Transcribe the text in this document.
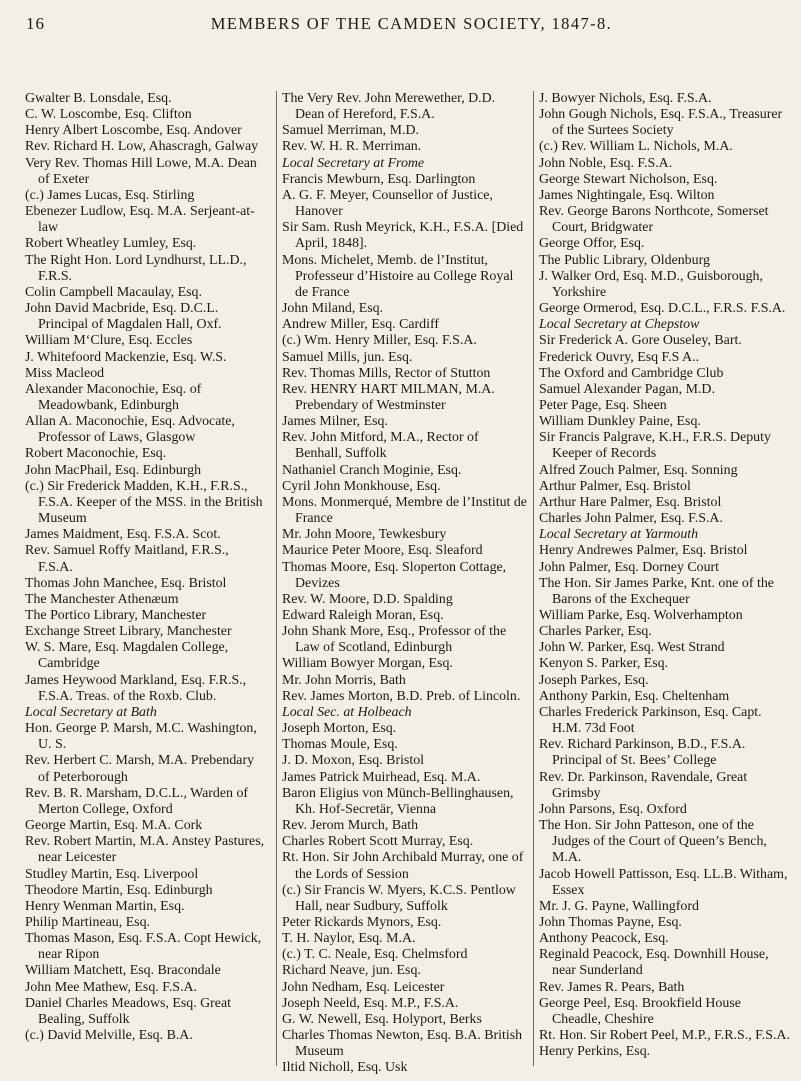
16	MEMBERS OF THE CAMDEN SOCIETY, 1847-8.

Gwalter B. Lonsdale, Esq.

C. W. Loscombe, Esq. Clifton

Henry Albert Loscombe, Esq. Andover

Rev. Richard H. Low, Ahascragh, Galway

Very Rev. Thomas Hill Lowe, M.A. Dean of Exeter

(c.) James Lucas, Esq. Stirling

Ebenezer Ludlow, Esq. M.A. Serjeant-at-law

Robert Wheatley Lumley, Esq.

The Right Hon. Lord Lyndhurst, LL.D., F.R.S.

Colin Campbell Macaulay, Esq.

John David Macbride, Esq. D.C.L. Principal of Magdalen Hall, Oxf.

William M‘Clure, Esq. Eccles

J. Whitefoord Mackenzie, Esq. W.S.

Miss Macleod

Alexander Maconochie, Esq. of Meadowbank, Edinburgh

Allan A. Maconochie, Esq. Advocate, Professor of Laws, Glasgow

Robert Maconochie, Esq.

John MacPhail, Esq. Edinburgh

(c.) Sir Frederick Madden, K.H., F.R.S., F.S.A. Keeper of the MSS. in the British Museum

James Maidment, Esq. F.S.A. Scot.

Rev. Samuel Roffy Maitland, F.R.S., F.S.A.

Thomas John Manchee, Esq. Bristol

The Manchester Athenæum

The Portico Library, Manchester

Exchange Street Library, Manchester

W. S. Mare, Esq. Magdalen College, Cambridge

James Heywood Markland, Esq. F.R.S., F.S.A. Treas. of the Roxb. Club.

Local Secretary at Bath

Hon. George P. Marsh, M.C. Washington, U. S.

Rev. Herbert C. Marsh, M.A. Prebendary of Peterborough

Rev. B. R. Marsham, D.C.L., Warden of Merton College, Oxford

George Martin, Esq. M.A. Cork

Rev. Robert Martin, M.A. Anstey Pastures, near Leicester

Studley Martin, Esq. Liverpool

Theodore Martin, Esq. Edinburgh

Henry Wenman Martin, Esq.

Philip Martineau, Esq.

Thomas Mason, Esq. F.S.A. Copt Hewick, near Ripon

William Matchett, Esq. Bracondale

John Mee Mathew, Esq. F.S.A.

Daniel Charles Meadows, Esq. Great Bealing, Suffolk

(c.) David Melville, Esq. B.A.

The Very Rev. John Merewether, D.D. Dean of Hereford, F.S.A.

Samuel Merriman, M.D.

Rev. W. H. R. Merriman.

Local Secretary at Frome

Francis Mewburn, Esq. Darlington

A. G. F. Meyer, Counsellor of Justice, Hanover

Sir Sam. Rush Meyrick, K.H., F.S.A. [Died April, 1848].

Mons. Michelet, Memb. de l’Institut, Professeur d’Histoire au College Royal de France

John Miland, Esq.

Andrew Miller, Esq. Cardiff

(c.) Wm. Henry Miller, Esq. F.S.A.

Samuel Mills, jun. Esq.

Rev. Thomas Mills, Rector of Stutton

Rev. HENRY HART MILMAN, M.A. Prebendary of Westminster

James Milner, Esq.

Rev. John Mitford, M.A., Rector of Benhall, Suffolk

Nathaniel Cranch Moginie, Esq.

Cyril John Monkhouse, Esq.

Mons. Monmerqué, Membre de l’Institut de France

Mr. John Moore, Tewkesbury

Maurice Peter Moore, Esq. Sleaford

Thomas Moore, Esq. Sloperton Cottage, Devizes

Rev. W. Moore, D.D. Spalding

Edward Raleigh Moran, Esq.

John Shank More, Esq., Professor of the Law of Scotland, Edinburgh

William Bowyer Morgan, Esq.

Mr. John Morris, Bath

Rev. James Morton, B.D. Preb. of Lincoln.

Local Sec. at Holbeach

Joseph Morton, Esq.

Thomas Moule, Esq.

J. D. Moxon, Esq. Bristol

James Patrick Muirhead, Esq. M.A.

Baron Eligius von Münch-Bellinghausen, Kh. Hof-Secretär, Vienna

Rev. Jerom Murch, Bath

Charles Robert Scott Murray, Esq.

Rt. Hon. Sir John Archibald Murray, one of the Lords of Session

(c.) Sir Francis W. Myers, K.C.S. Pentlow Hall, near Sudbury, Suffolk

Peter Rickards Mynors, Esq.

T. H. Naylor, Esq. M.A.

(c.) T. C. Neale, Esq. Chelmsford

Richard Neave, jun. Esq.

John Nedham, Esq. Leicester

Joseph Neeld, Esq. M.P., F.S.A.

G. W. Newell, Esq. Holyport, Berks

Charles Thomas Newton, Esq. B.A. British Museum

Iltid Nicholl, Esq. Usk

J. Bowyer Nichols, Esq. F.S.A.

John Gough Nichols, Esq. F.S.A., Treasurer of the Surtees Society

(c.) Rev. William L. Nichols, M.A.

John Noble, Esq. F.S.A.

George Stewart Nicholson, Esq.

James Nightingale, Esq. Wilton

Rev. George Barons Northcote, Somerset Court, Bridgwater

George Offor, Esq.

The Public Library, Oldenburg

J. Walker Ord, Esq. M.D., Guisborough, Yorkshire

George Ormerod, Esq. D.C.L., F.R.S. F.S.A.

Local Secretary at Chepstow

Sir Frederick A. Gore Ouseley, Bart.

Frederick Ouvry, Esq F.S A..

The Oxford and Cambridge Club

Samuel Alexander Pagan, M.D.

Peter Page, Esq. Sheen

William Dunkley Paine, Esq.

Sir Francis Palgrave, K.H., F.R.S. Deputy Keeper of Records

Alfred Zouch Palmer, Esq. Sonning

Arthur Palmer, Esq. Bristol

Arthur Hare Palmer, Esq. Bristol

Charles John Palmer, Esq. F.S.A.

Local Secretary at Yarmouth

Henry Andrewes Palmer, Esq. Bristol

John Palmer, Esq. Dorney Court

The Hon. Sir James Parke, Knt. one of the Barons of the Exchequer

William Parke, Esq. Wolverhampton

Charles Parker, Esq.

John W. Parker, Esq. West Strand

Kenyon S. Parker, Esq.

Joseph Parkes, Esq.

Anthony Parkin, Esq. Cheltenham

Charles Frederick Parkinson, Esq. Capt. H.M. 73d Foot

Rev. Richard Parkinson, B.D., F.S.A. Principal of St. Bees’ College

Rev. Dr. Parkinson, Ravendale, Great Grimsby

John Parsons, Esq. Oxford

The Hon. Sir John Patteson, one of the Judges of the Court of Queen’s Bench, M.A.

Jacob Howell Pattisson, Esq. LL.B. Witham, Essex

Mr. J. G. Payne, Wallingford

John Thomas Payne, Esq.

Anthony Peacock, Esq.

Reginald Peacock, Esq. Downhill House, near Sunderland

Rev. James R. Pears, Bath

George Peel, Esq. Brookfield House Cheadle, Cheshire

Rt. Hon. Sir Robert Peel, M.P., F.R.S., F.S.A.

Henry Perkins, Esq.
